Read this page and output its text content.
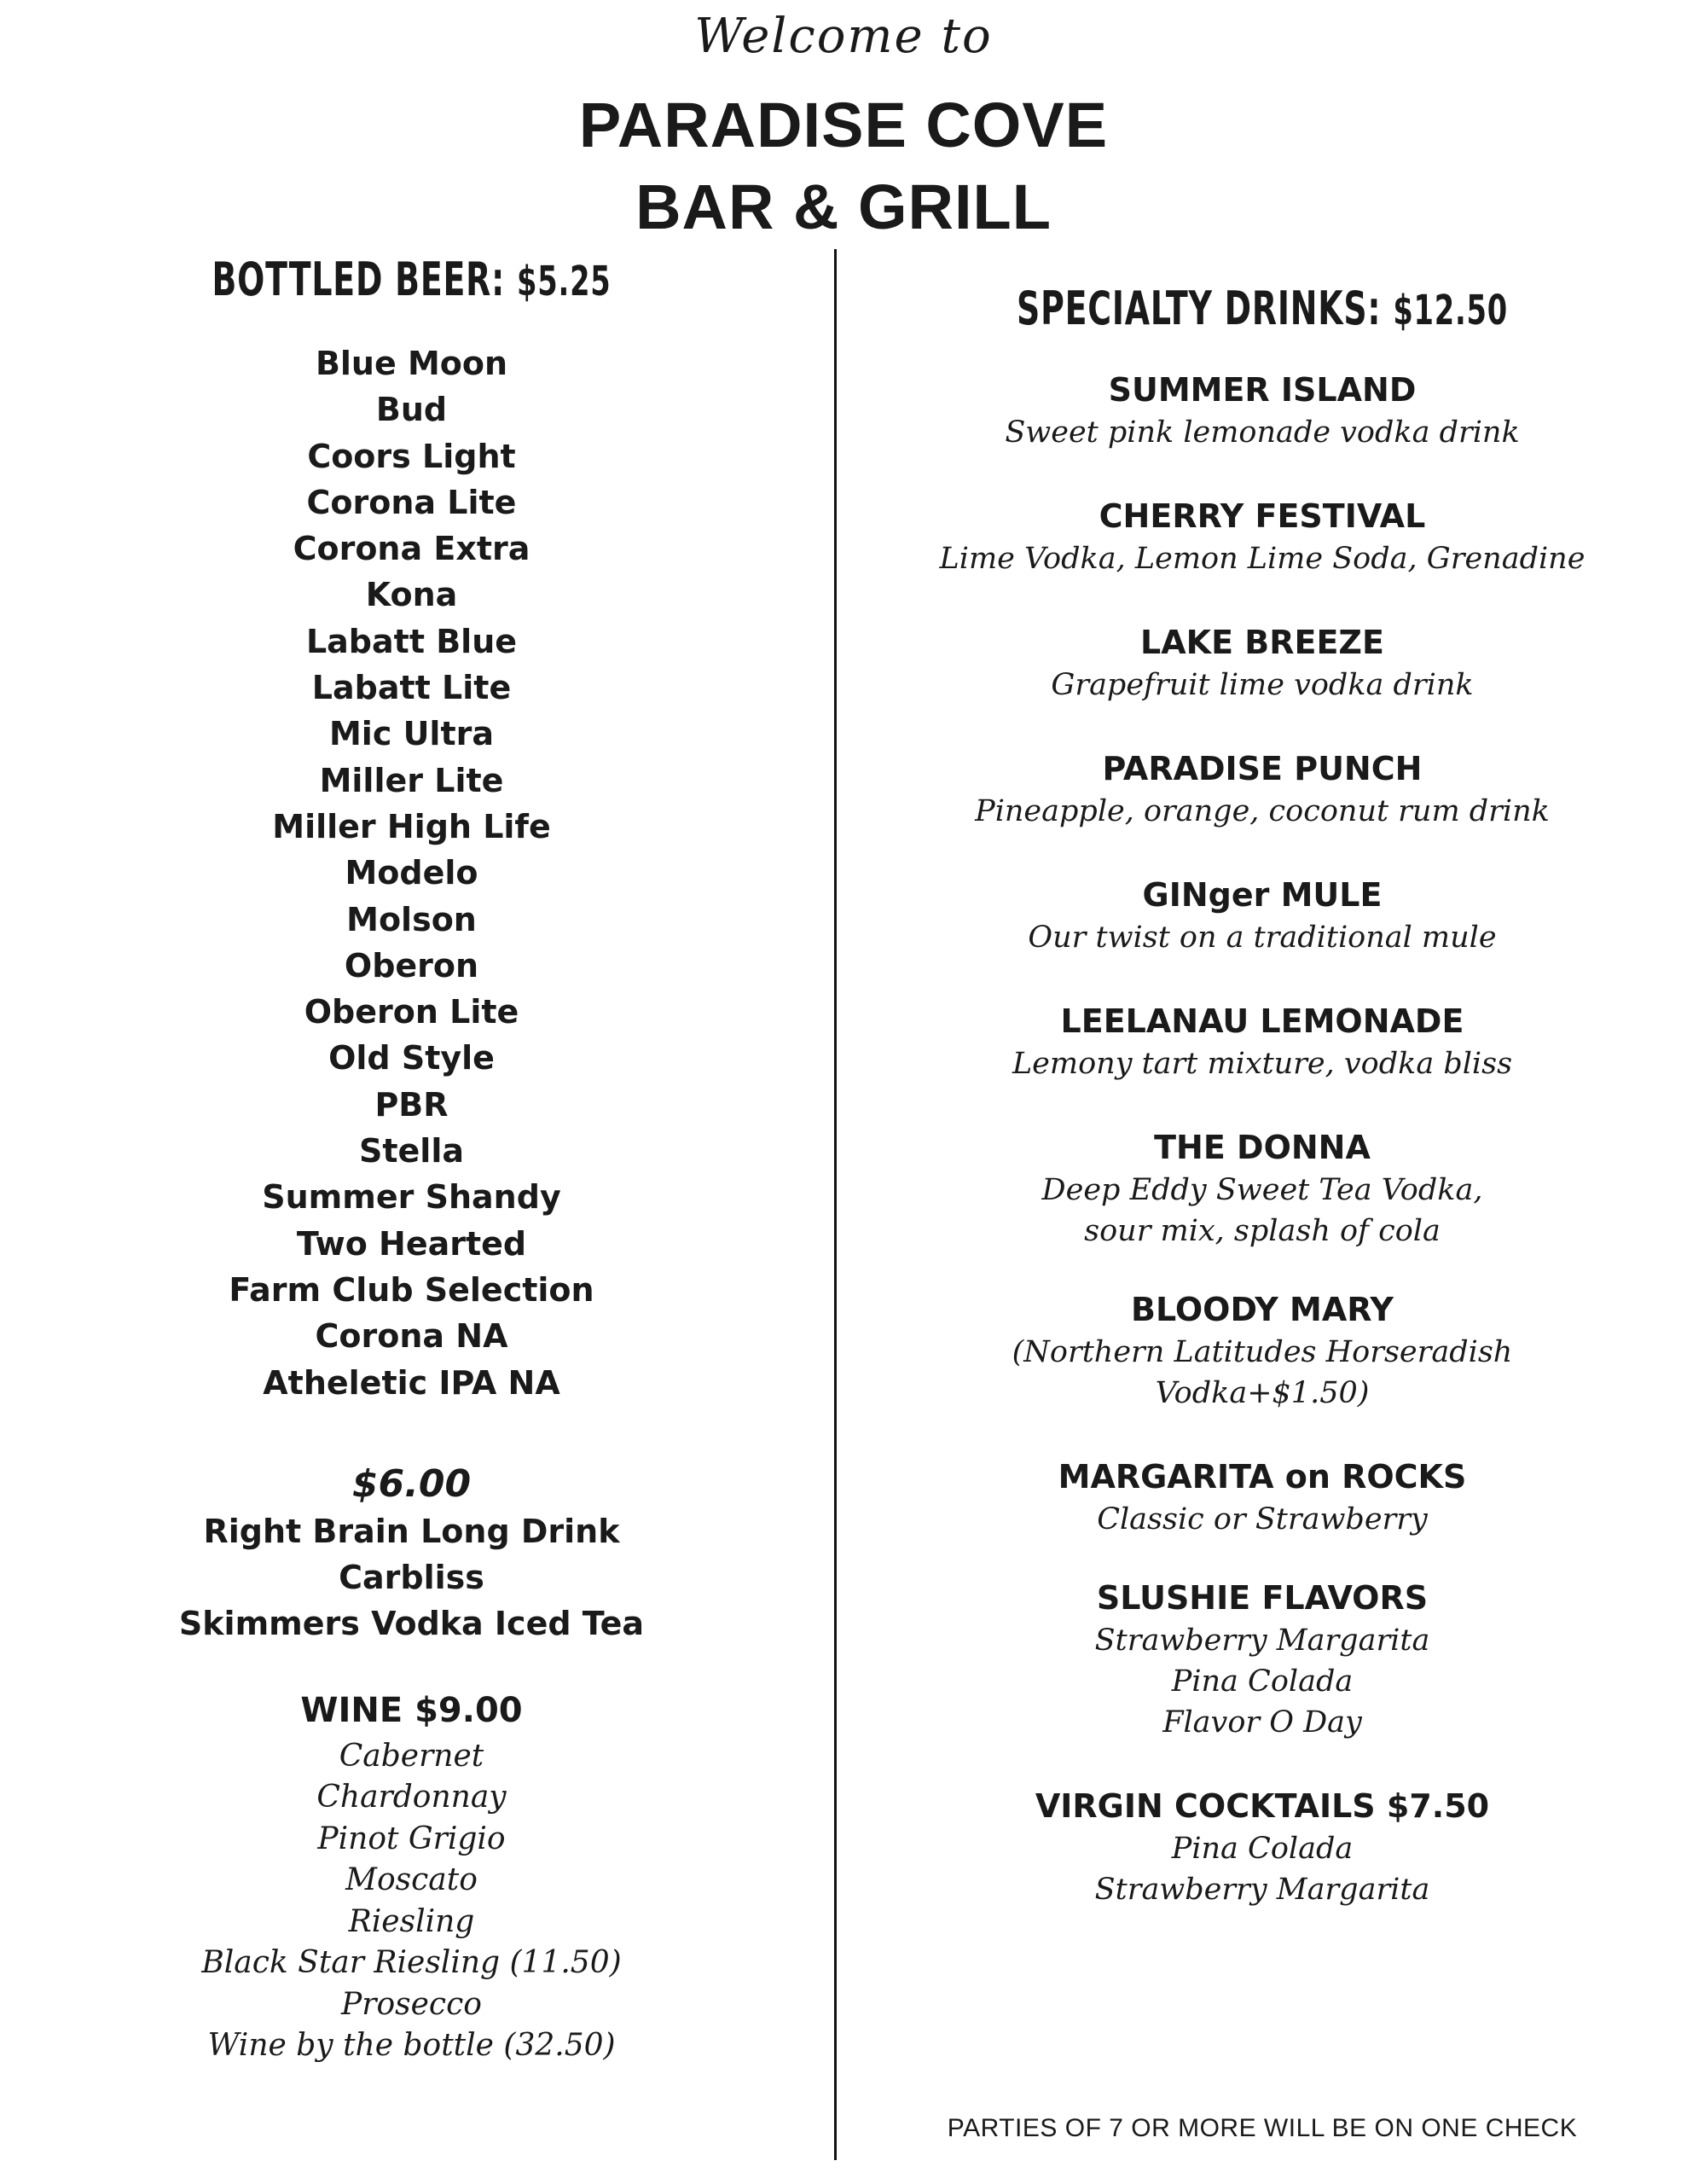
Welcome to
PARADISE COVE
BAR & GRILL
BOTTLED BEER: $5.25
Blue Moon
Bud
Coors Light
Corona Lite
Corona Extra
Kona
Labatt Blue
Labatt Lite
Mic Ultra
Miller Lite
Miller High Life
Modelo
Molson
Oberon
Oberon Lite
Old Style
PBR
Stella
Summer Shandy
Two Hearted
Farm Club Selection
Corona NA
Atheletic IPA NA
$6.00
Right Brain Long Drink
Carbliss
Skimmers Vodka Iced Tea
WINE $9.00
Cabernet
Chardonnay
Pinot Grigio
Moscato
Riesling
Black Star Riesling (11.50)
Prosecco
Wine by the bottle (32.50)
SPECIALTY DRINKS: $12.50
SUMMER ISLAND
Sweet pink lemonade vodka drink
CHERRY FESTIVAL
Lime Vodka, Lemon Lime Soda, Grenadine
LAKE BREEZE
Grapefruit lime vodka drink
PARADISE PUNCH
Pineapple, orange, coconut rum drink
GINger MULE
Our twist on a traditional mule
LEELANAU LEMONADE
Lemony tart mixture, vodka bliss
THE DONNA
Deep Eddy Sweet Tea Vodka,
sour mix, splash of cola
BLOODY MARY
(Northern Latitudes Horseradish Vodka+$1.50)
MARGARITA on ROCKS
Classic or Strawberry
SLUSHIE FLAVORS
Strawberry Margarita
Pina Colada
Flavor O Day
VIRGIN COCKTAILS $7.50
Pina Colada
Strawberry Margarita
PARTIES OF 7 OR MORE WILL BE ON ONE CHECK
